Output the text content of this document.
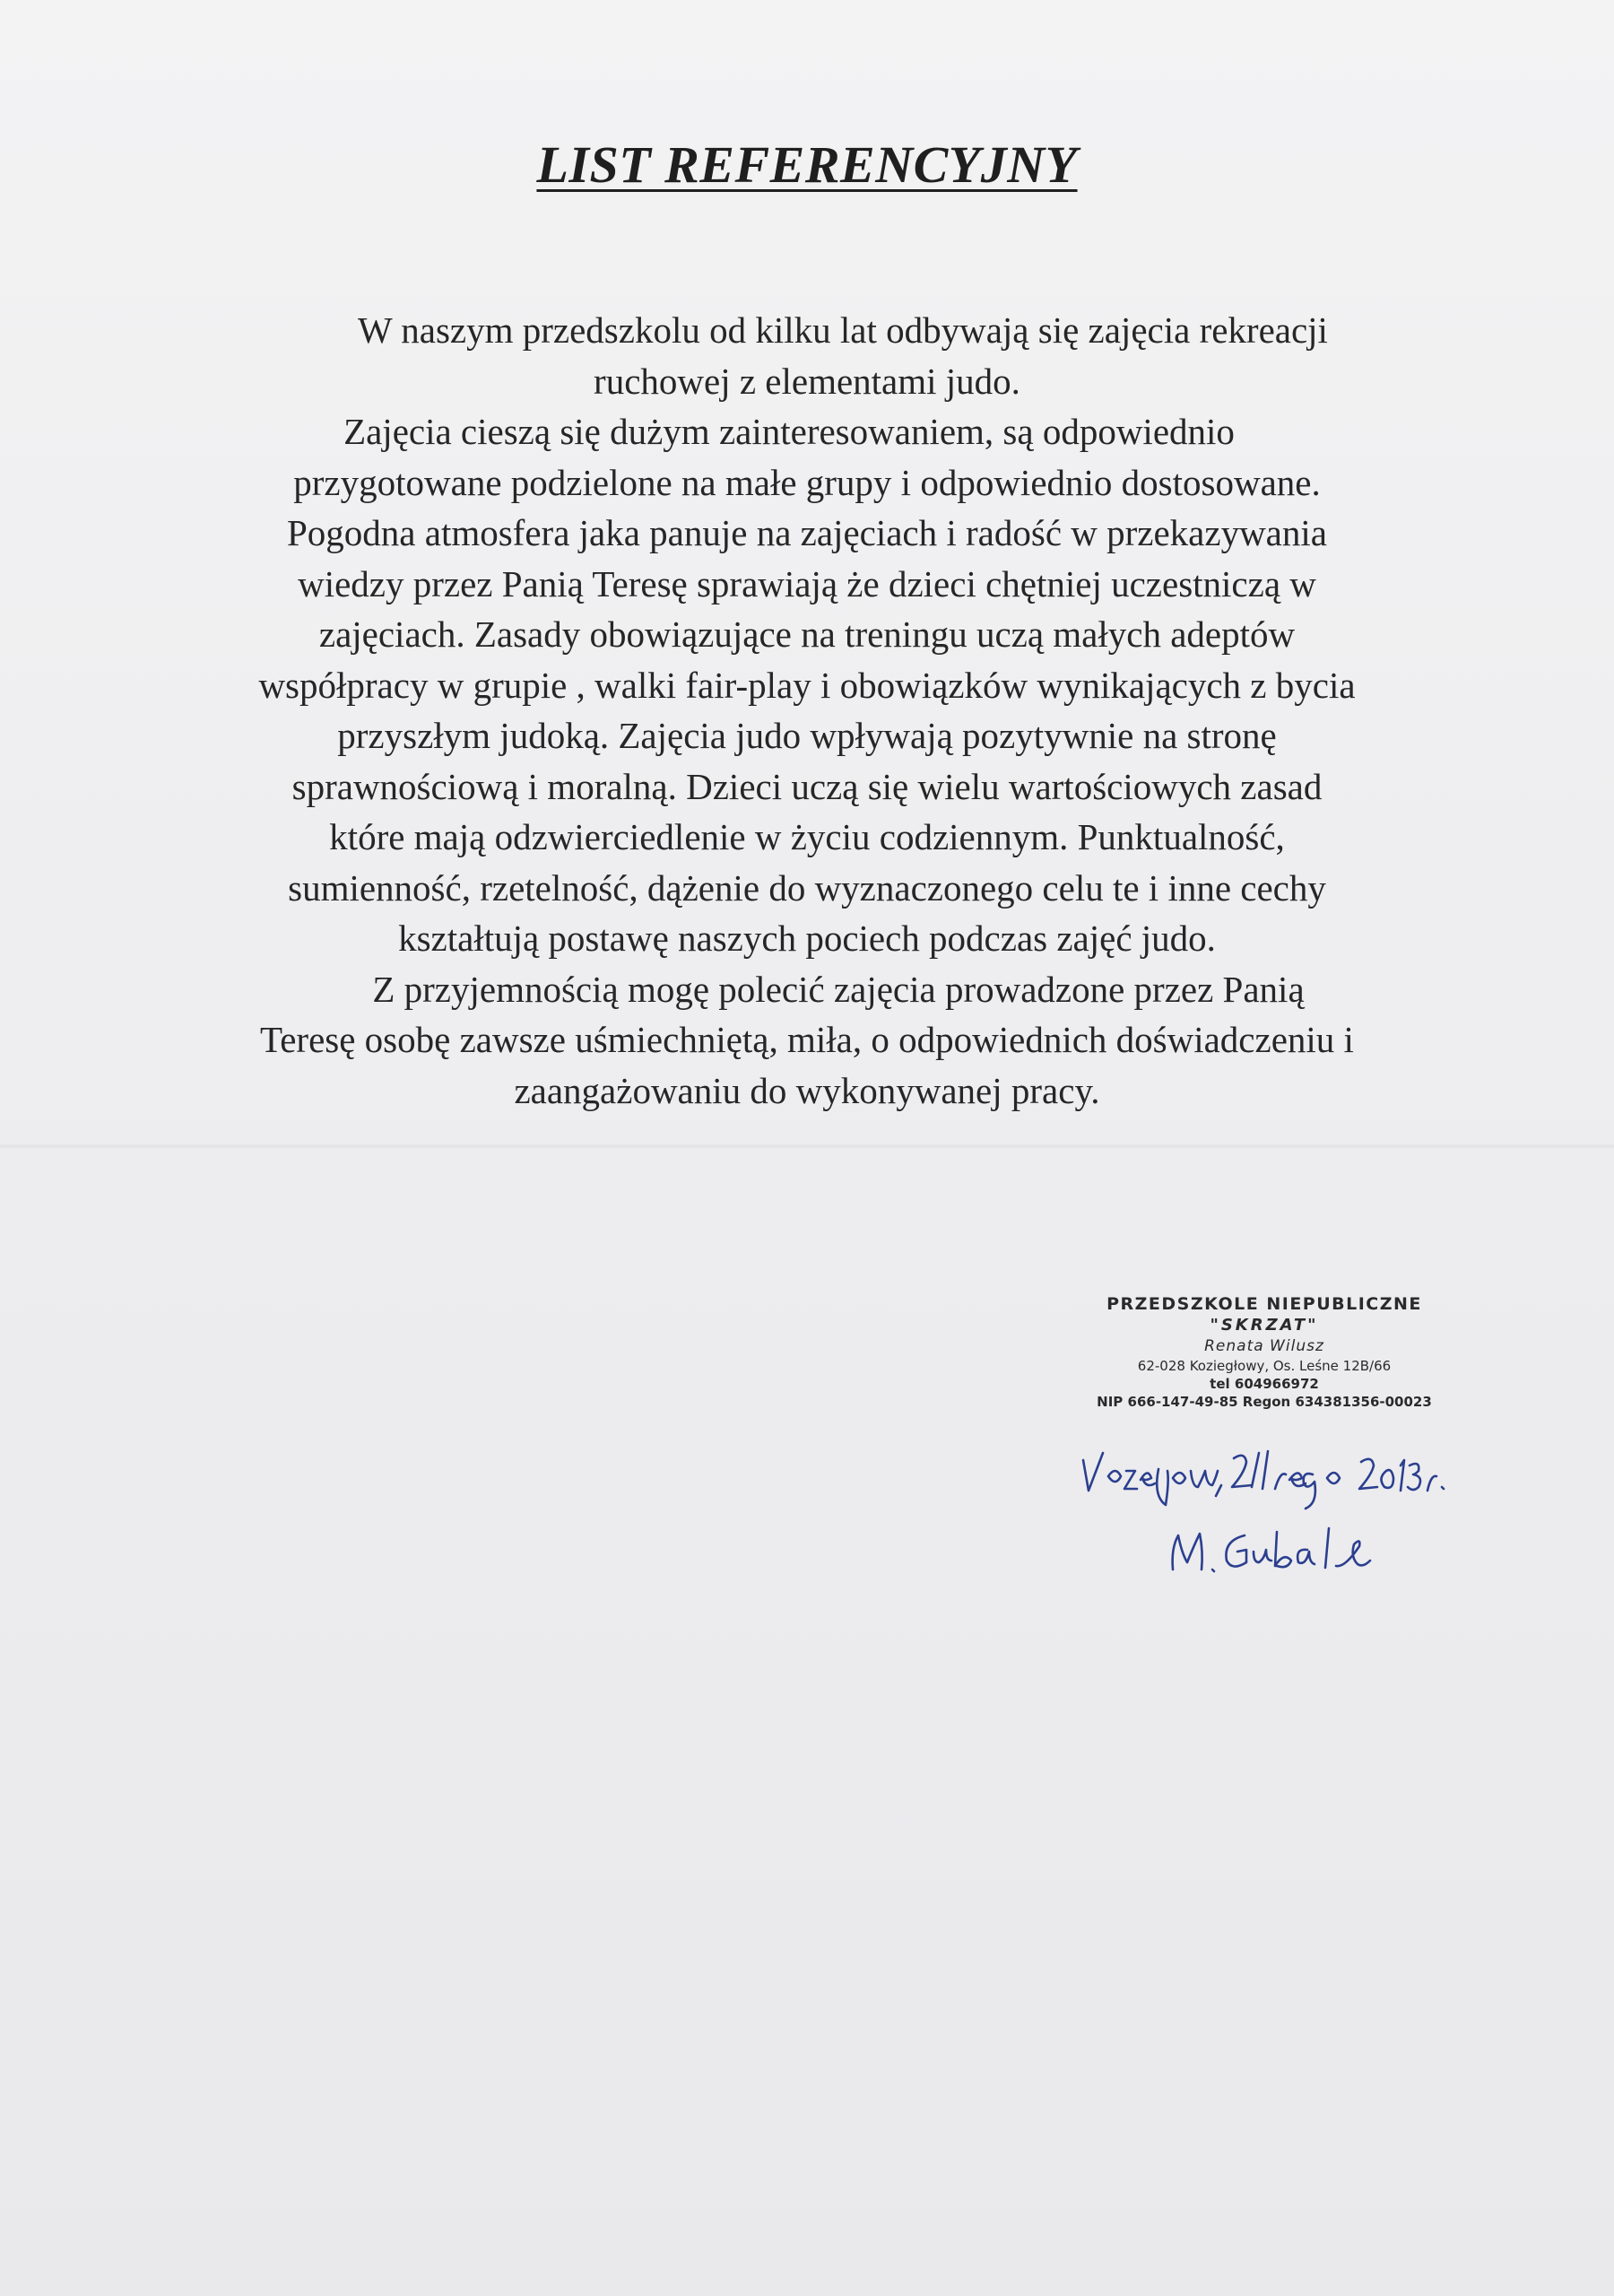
LIST REFERENCYJNY
W naszym przedszkolu od kilku lat odbywają się zajęcia rekreacji
ruchowej z elementami judo.
Zajęcia cieszą się dużym zainteresowaniem, są odpowiednio
przygotowane podzielone na małe grupy i odpowiednio dostosowane.
Pogodna atmosfera jaka panuje na zajęciach i radość w przekazywania
wiedzy przez Panią Teresę sprawiają że dzieci chętniej uczestniczą w
zajęciach. Zasady obowiązujące na treningu uczą małych adeptów
współpracy w grupie , walki fair-play i obowiązków wynikających z bycia
przyszłym judoką. Zajęcia judo wpływają pozytywnie na stronę
sprawnościową i moralną. Dzieci uczą się wielu wartościowych zasad
które mają odzwierciedlenie w życiu codziennym. Punktualność,
sumienność, rzetelność, dążenie do wyznaczonego celu te i inne cechy
kształtują postawę naszych pociech podczas zajęć judo.
Z przyjemnością mogę polecić zajęcia prowadzone przez Panią
Teresę osobę zawsze uśmiechniętą, miła, o odpowiednich doświadczeniu i
zaangażowaniu do wykonywanej pracy.
PRZEDSZKOLE NIEPUBLICZNE
"SKRZAT"
Renata Wilusz
62-028 Koziegłowy, Os. Leśne 12B/66
tel 604966972
NIP 666-147-49-85 Regon 634381356-00023
